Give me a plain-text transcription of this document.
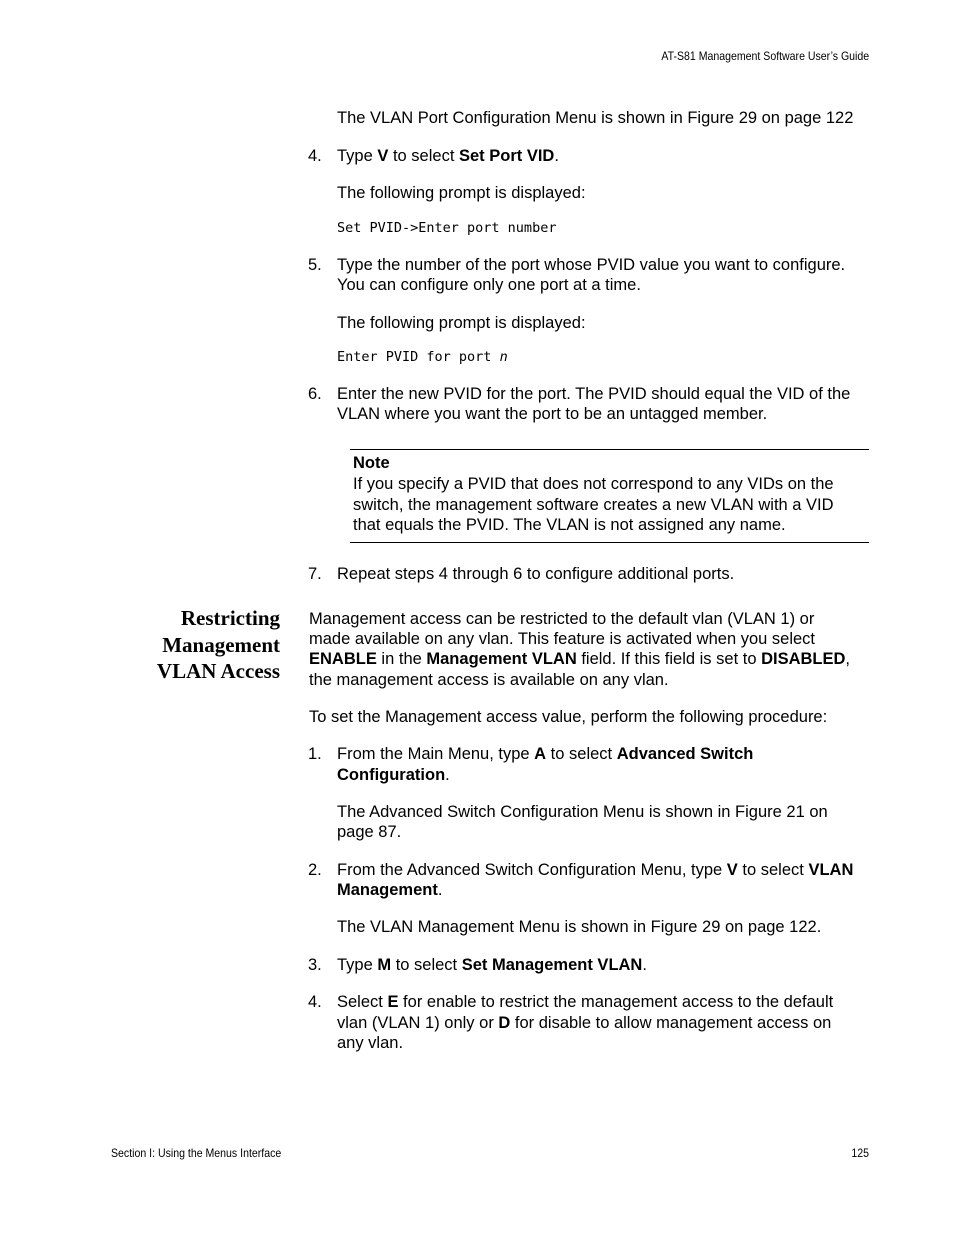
AT-S81 Management Software User’s Guide
The VLAN Port Configuration Menu is shown in Figure 29 on page 122
4. Type V to select Set Port VID.
The following prompt is displayed:
Set PVID->Enter port number
5. Type the number of the port whose PVID value you want to configure.
You can configure only one port at a time.
The following prompt is displayed:
Enter PVID for port n
6. Enter the new PVID for the port. The PVID should equal the VID of the
VLAN where you want the port to be an untagged member.
Note
If you specify a PVID that does not correspond to any VIDs on the
switch, the management software creates a new VLAN with a VID
that equals the PVID. The VLAN is not assigned any name.
7. Repeat steps 4 through 6 to configure additional ports.
Restricting
Management
VLAN Access
Management access can be restricted to the default vlan (VLAN 1) or
made available on any vlan. This feature is activated when you select
ENABLE in the Management VLAN field. If this field is set to DISABLED,
the management access is available on any vlan.
To set the Management access value, perform the following procedure:
1. From the Main Menu, type A to select Advanced Switch
Configuration.
The Advanced Switch Configuration Menu is shown in Figure 21 on
page 87.
2. From the Advanced Switch Configuration Menu, type V to select VLAN
Management.
The VLAN Management Menu is shown in Figure 29 on page 122.
3. Type M to select Set Management VLAN.
4. Select E for enable to restrict the management access to the default
vlan (VLAN 1) only or D for disable to allow management access on
any vlan.
Section I: Using the Menus Interface	125
